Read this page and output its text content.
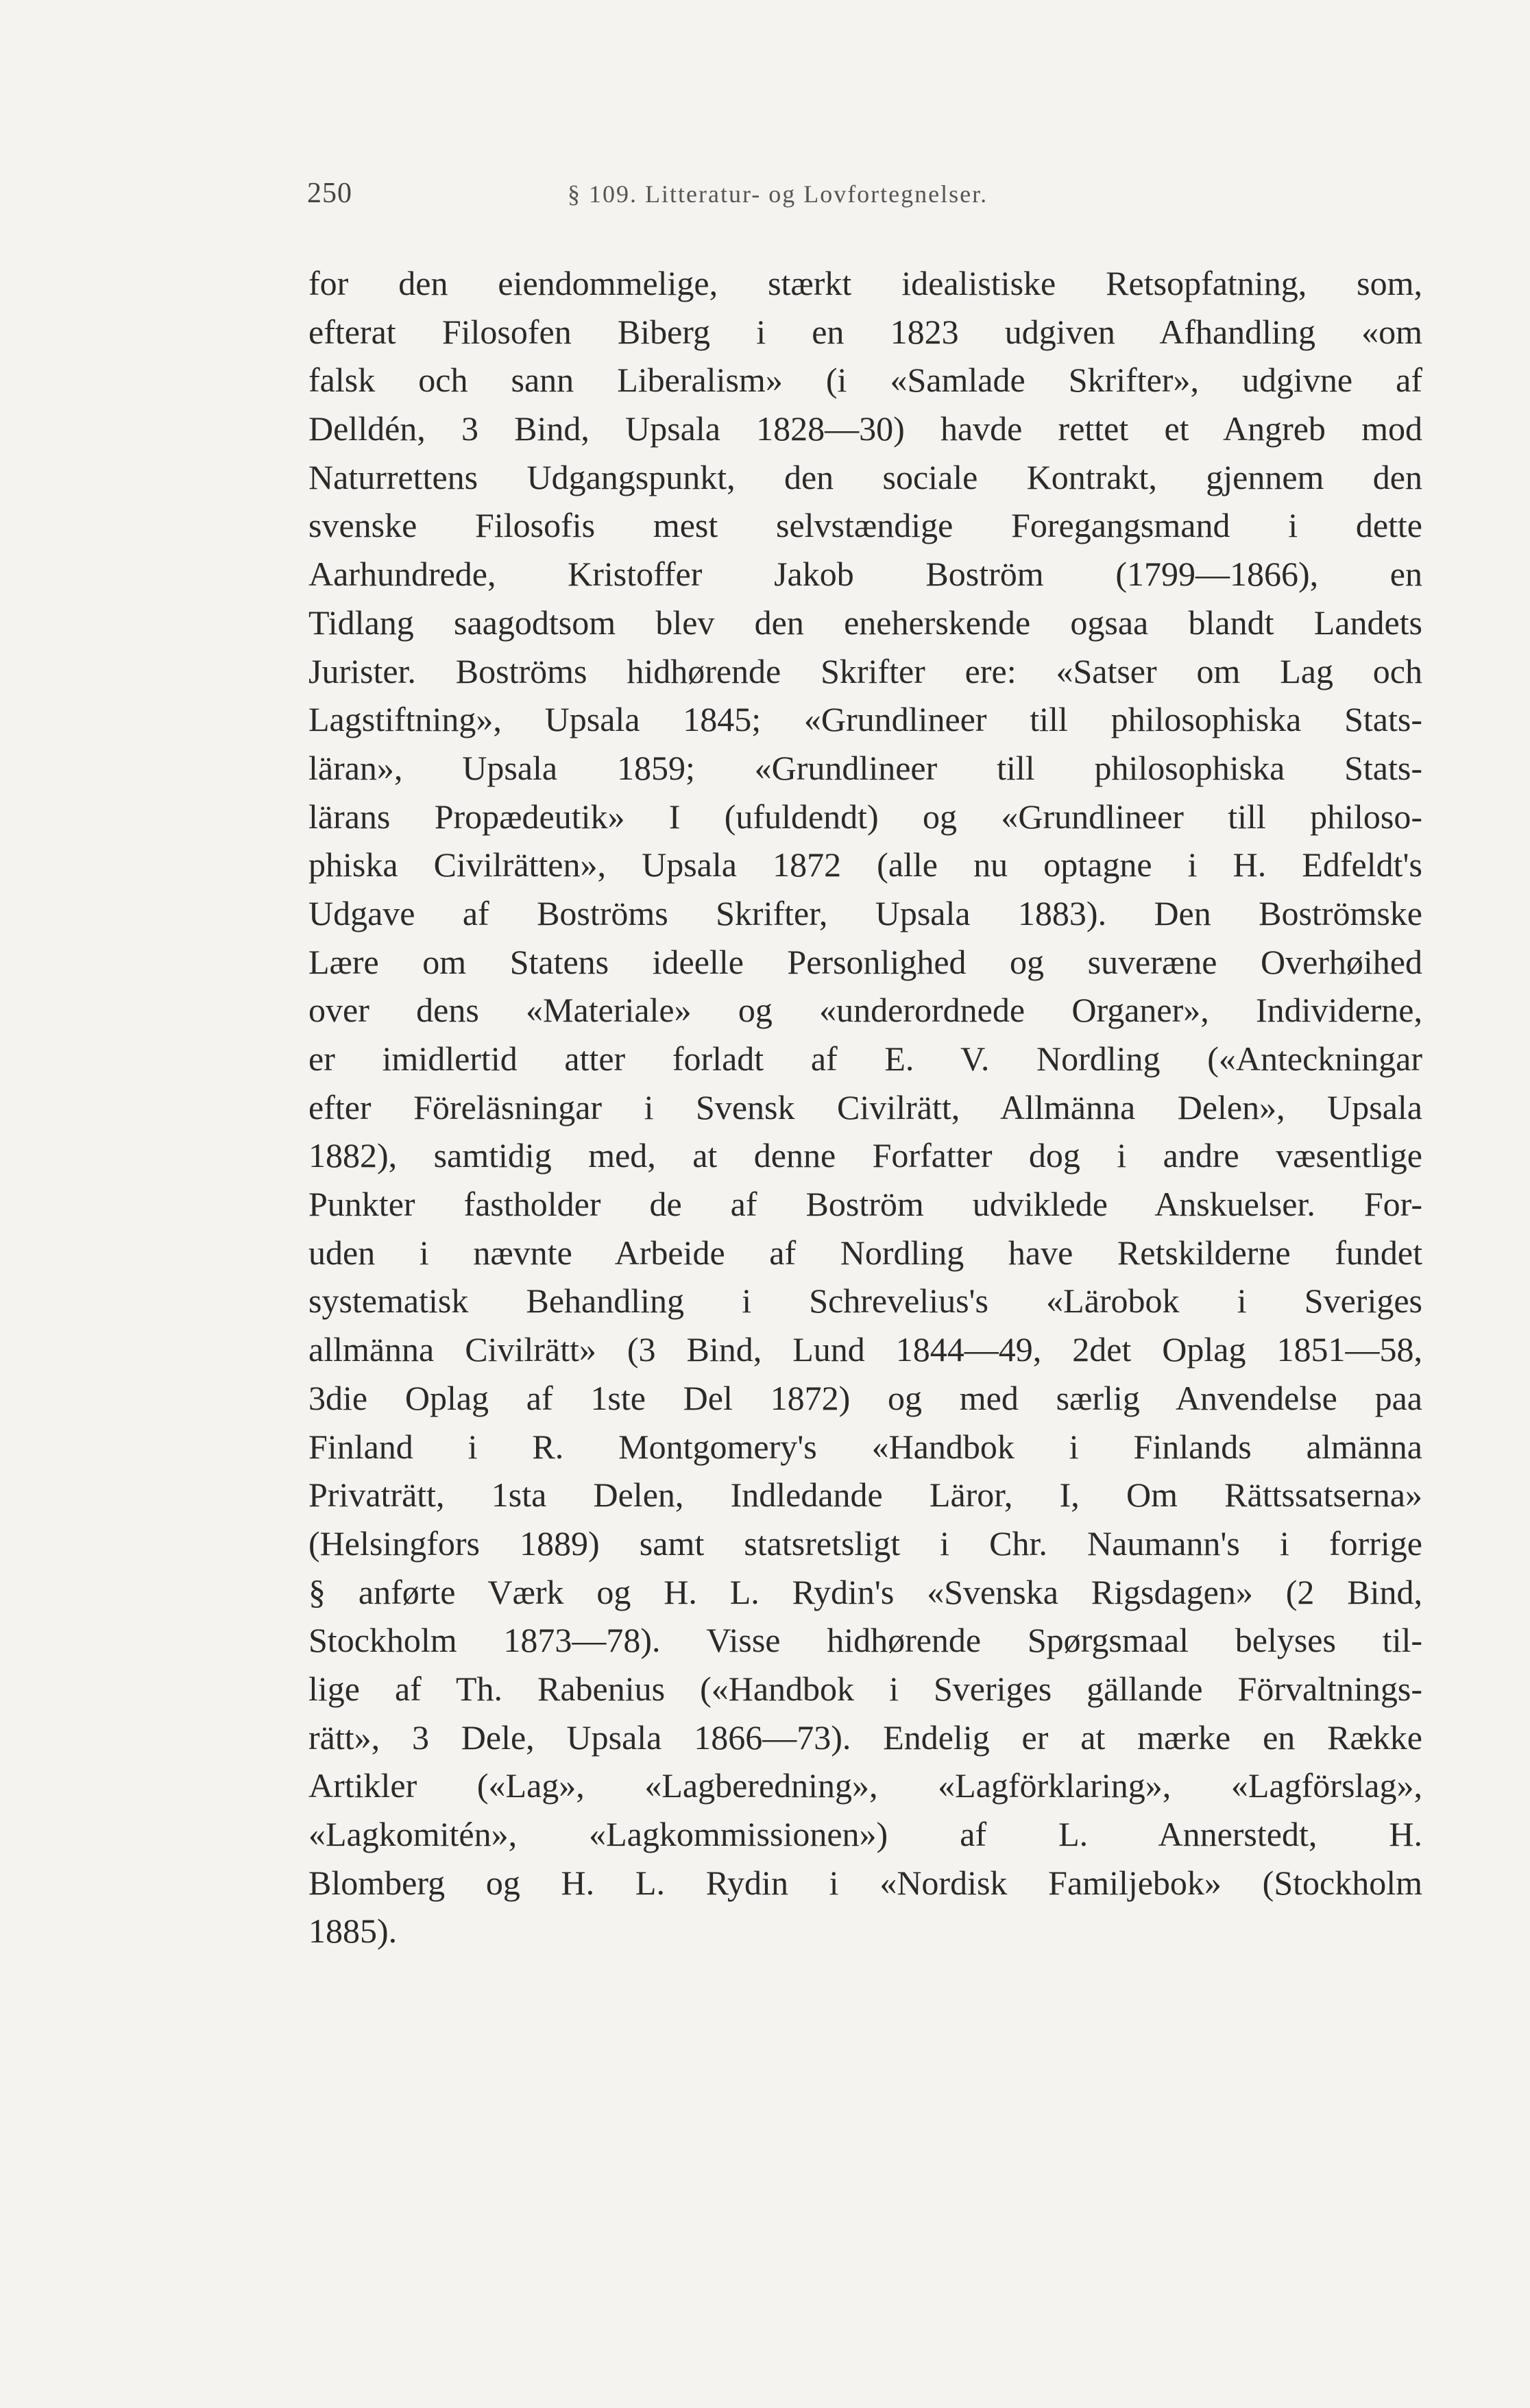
250	§ 109. Litteratur- og Lovfortegnelser.
for den eiendommelige, stærkt idealistiske Retsopfatning, som,
efterat Filosofen Biberg i en 1823 udgiven Afhandling «om
falsk och sann Liberalism» (i «Samlade Skrifter», udgivne af
Delldén, 3 Bind, Upsala 1828—30) havde rettet et Angreb mod
Naturrettens Udgangspunkt, den sociale Kontrakt, gjennem den
svenske Filosofis mest selvstændige Foregangsmand i dette
Aarhundrede, Kristoffer Jakob Boström (1799—1866), en
Tidlang saagodtsom blev den eneherskende ogsaa blandt Landets
Jurister. Boströms hidhørende Skrifter ere: «Satser om Lag och
Lagstiftning», Upsala 1845; «Grundlineer till philosophiska Stats-
läran», Upsala 1859; «Grundlineer till philosophiska Stats-
lärans Propædeutik» I (ufuldendt) og «Grundlineer till philoso-
phiska Civilrätten», Upsala 1872 (alle nu optagne i H. Edfeldt's
Udgave af Boströms Skrifter, Upsala 1883). Den Boströmske
Lære om Statens ideelle Personlighed og suveræne Overhøihed
over dens «Materiale» og «underordnede Organer», Individerne,
er imidlertid atter forladt af E. V. Nordling («Anteckningar
efter Föreläsningar i Svensk Civilrätt, Allmänna Delen», Upsala
1882), samtidig med, at denne Forfatter dog i andre væsentlige
Punkter fastholder de af Boström udviklede Anskuelser. For-
uden i nævnte Arbeide af Nordling have Retskilderne fundet
systematisk Behandling i Schrevelius's «Lärobok i Sveriges
allmänna Civilrätt» (3 Bind, Lund 1844—49, 2det Oplag 1851—58,
3die Oplag af 1ste Del 1872) og med særlig Anvendelse paa
Finland i R. Montgomery's «Handbok i Finlands almänna
Privaträtt, 1sta Delen, Indledande Läror, I, Om Rättssatserna»
(Helsingfors 1889) samt statsretsligt i Chr. Naumann's i forrige
§ anførte Værk og H. L. Rydin's «Svenska Rigsdagen» (2 Bind,
Stockholm 1873—78). Visse hidhørende Spørgsmaal belyses til-
lige af Th. Rabenius («Handbok i Sveriges gällande Förvaltnings-
rätt», 3 Dele, Upsala 1866—73). Endelig er at mærke en Række
Artikler («Lag», «Lagberedning», «Lagförklaring», «Lagförslag»,
«Lagkomitén», «Lagkommissionen») af L. Annerstedt, H.
Blomberg og H. L. Rydin i «Nordisk Familjebok» (Stockholm
1885).
